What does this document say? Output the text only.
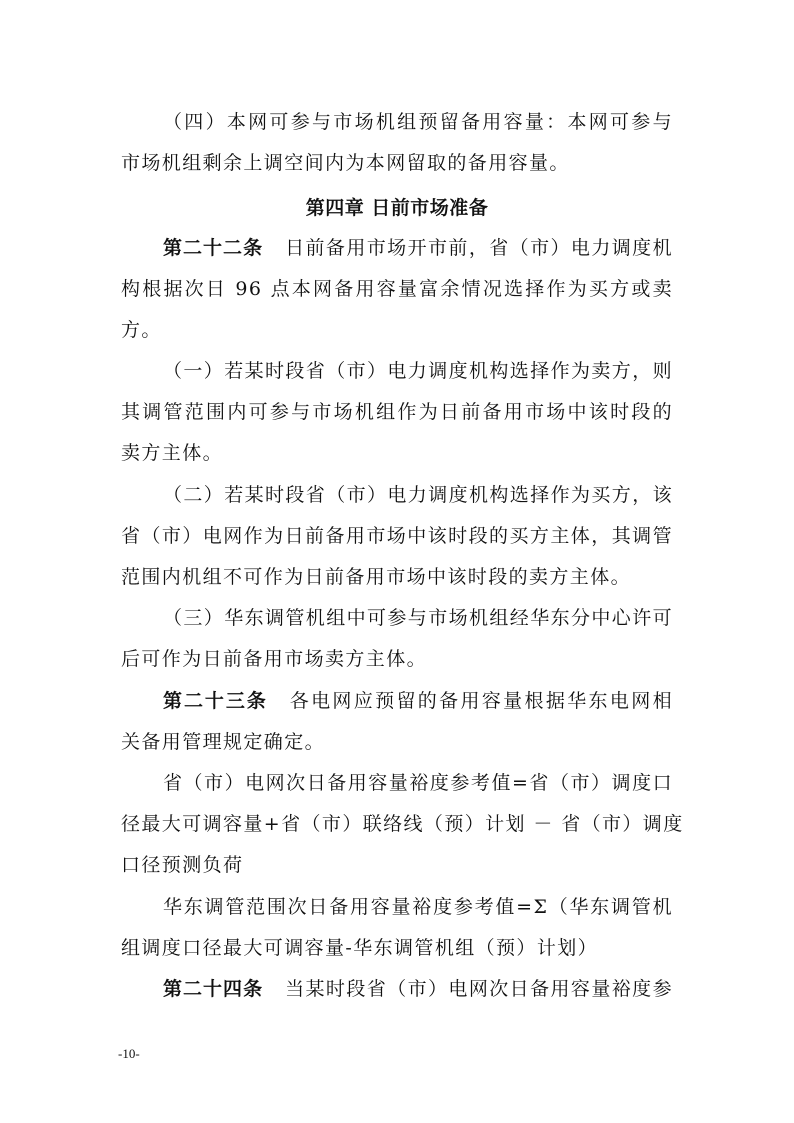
（四）本网可参与市场机组预留备用容量：本网可参与
市场机组剩余上调空间内为本网留取的备用容量。
第四章 日前市场准备
第二十二条 日前备用市场开市前，省（市）电力调度机
构根据次日 96 点本网备用容量富余情况选择作为买方或卖
方。
（一）若某时段省（市）电力调度机构选择作为卖方，则
其调管范围内可参与市场机组作为日前备用市场中该时段的
卖方主体。
（二）若某时段省（市）电力调度机构选择作为买方，该
省（市）电网作为日前备用市场中该时段的买方主体，其调管
范围内机组不可作为日前备用市场中该时段的卖方主体。
（三）华东调管机组中可参与市场机组经华东分中心许可
后可作为日前备用市场卖方主体。
第二十三条 各电网应预留的备用容量根据华东电网相
关备用管理规定确定。
省（市）电网次日备用容量裕度参考值=省（市）调度口
径最大可调容量+省（市）联络线（预）计划 － 省（市）调度
口径预测负荷
华东调管范围次日备用容量裕度参考值=Σ（华东调管机
组调度口径最大可调容量-华东调管机组（预）计划）
第二十四条 当某时段省（市）电网次日备用容量裕度参
-10-
